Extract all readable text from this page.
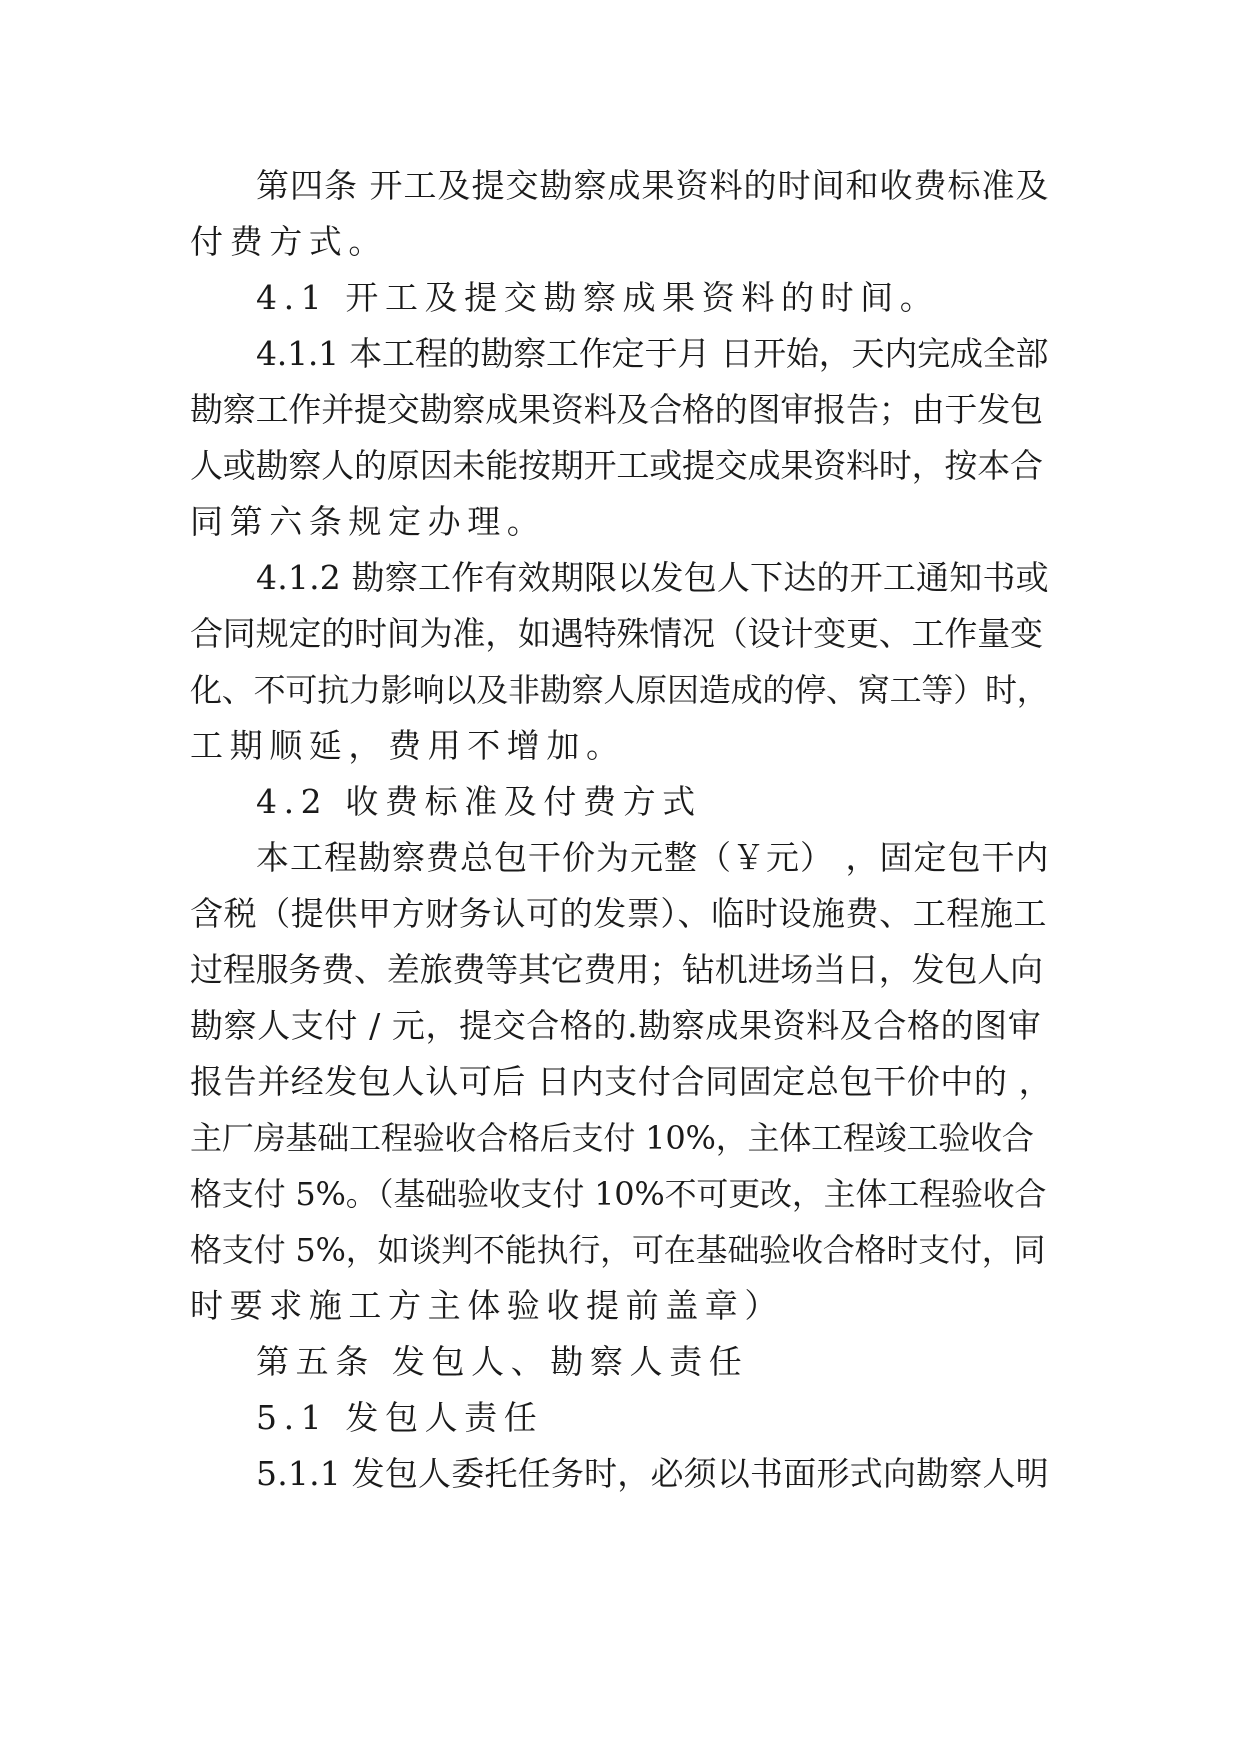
第四条 开工及提交勘察成果资料的时间和收费标准及
付费方式。
4.1 开工及提交勘察成果资料的时间。
4.1.1 本工程的勘察工作定于月 日开始，天内完成全部
勘察工作并提交勘察成果资料及合格的图审报告；由于发包
人或勘察人的原因未能按期开工或提交成果资料时，按本合
同第六条规定办理。
4.1.2 勘察工作有效期限以发包人下达的开工通知书或
合同规定的时间为准，如遇特殊情况（设计变更、工作量变
化、不可抗力影响以及非勘察人原因造成的停、窝工等）时，
工期顺延，费用不增加。
4.2 收费标准及付费方式
本工程勘察费总包干价为元整（￥元） ，固定包干内
含税（提供甲方财务认可的发票）、临时设施费、工程施工
过程服务费、差旅费等其它费用；钻机进场当日，发包人向
勘察人支付 / 元，提交合格的.勘察成果资料及合格的图审
报告并经发包人认可后 日内支付合同固定总包干价中的 ，
主厂房基础工程验收合格后支付 10%，主体工程竣工验收合
格支付 5%。（基础验收支付 10%不可更改，主体工程验收合
格支付 5%，如谈判不能执行，可在基础验收合格时支付，同
时要求施工方主体验收提前盖章）
第五条 发包人、勘察人责任
5.1 发包人责任
5.1.1 发包人委托任务时，必须以书面形式向勘察人明
